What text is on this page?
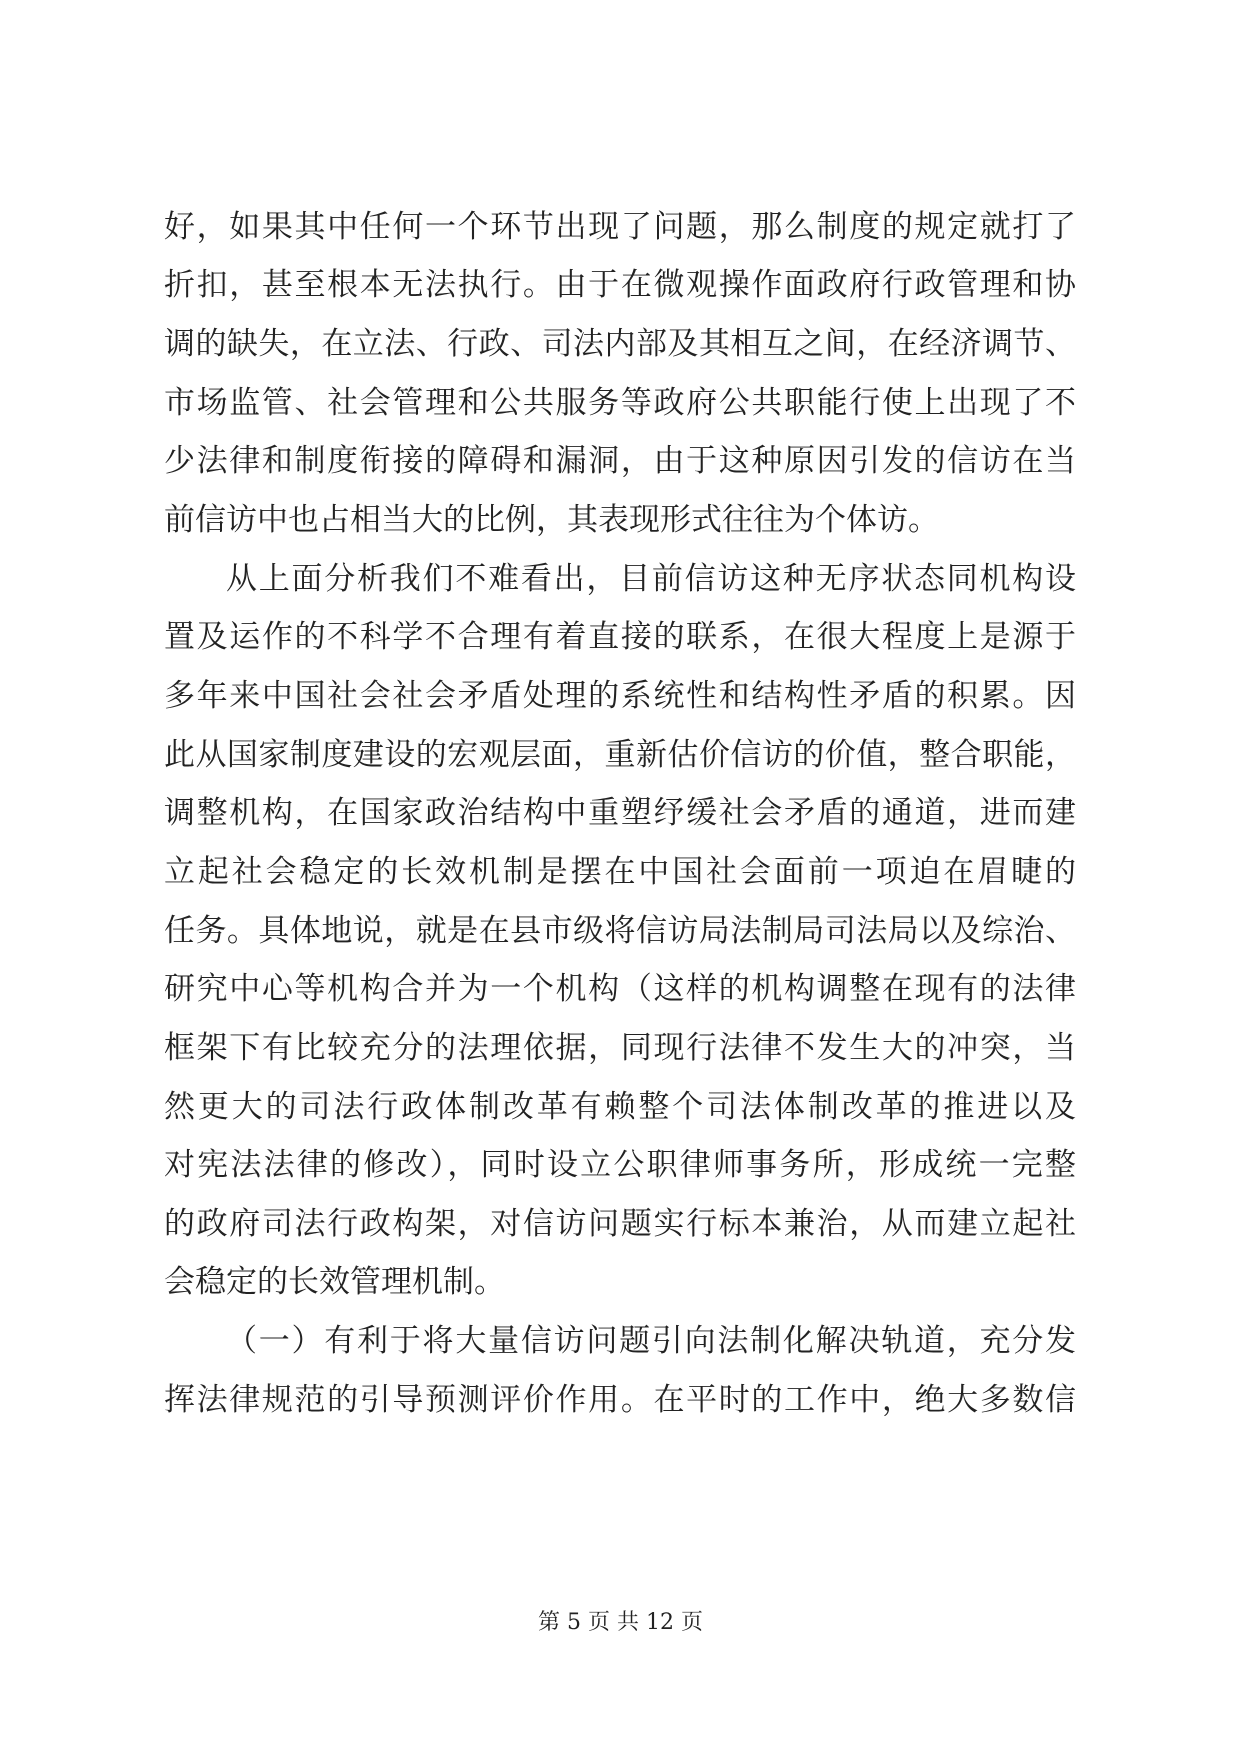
好，如果其中任何一个环节出现了问题，那么制度的规定就打了
折扣，甚至根本无法执行。由于在微观操作面政府行政管理和协
调的缺失，在立法、行政、司法内部及其相互之间，在经济调节、
市场监管、社会管理和公共服务等政府公共职能行使上出现了不
少法律和制度衔接的障碍和漏洞，由于这种原因引发的信访在当
前信访中也占相当大的比例，其表现形式往往为个体访。
从上面分析我们不难看出，目前信访这种无序状态同机构设
置及运作的不科学不合理有着直接的联系，在很大程度上是源于
多年来中国社会社会矛盾处理的系统性和结构性矛盾的积累。因
此从国家制度建设的宏观层面，重新估价信访的价值，整合职能，
调整机构，在国家政治结构中重塑纾缓社会矛盾的通道，进而建
立起社会稳定的长效机制是摆在中国社会面前一项迫在眉睫的
任务。具体地说，就是在县市级将信访局法制局司法局以及综治、
研究中心等机构合并为一个机构（这样的机构调整在现有的法律
框架下有比较充分的法理依据，同现行法律不发生大的冲突，当
然更大的司法行政体制改革有赖整个司法体制改革的推进以及
对宪法法律的修改），同时设立公职律师事务所，形成统一完整
的政府司法行政构架，对信访问题实行标本兼治，从而建立起社
会稳定的长效管理机制。
（一）有利于将大量信访问题引向法制化解决轨道，充分发
挥法律规范的引导预测评价作用。在平时的工作中，绝大多数信
第 5 页 共 12 页
